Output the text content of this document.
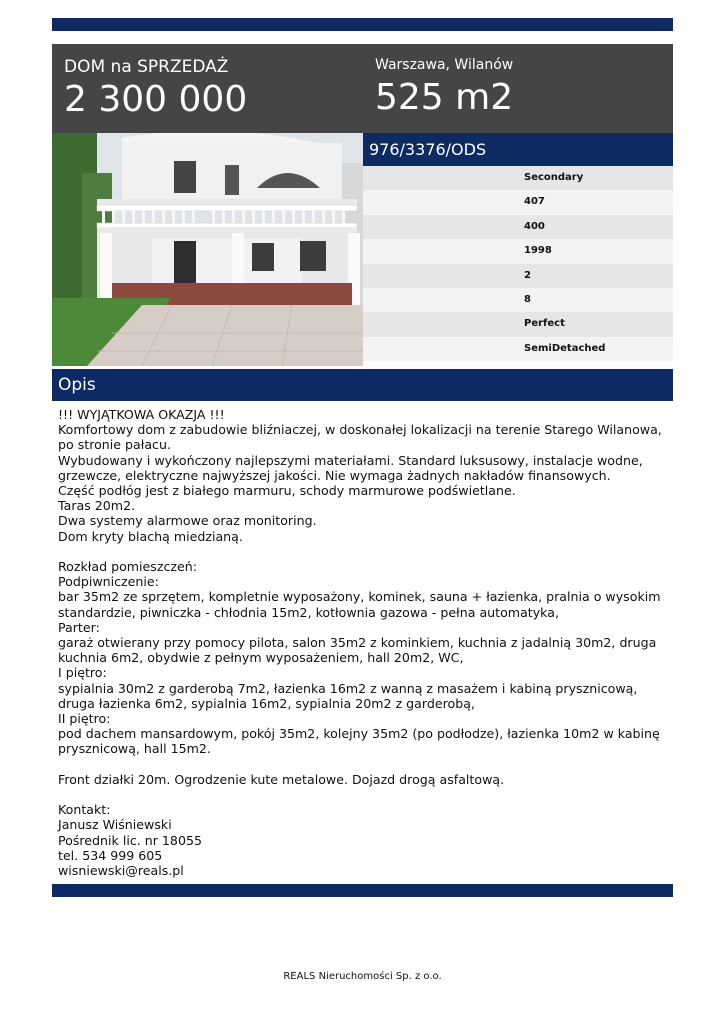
DOM na SPRZEDAŻ
2 300 000
Warszawa, Wilanów
525 m2
976/3376/ODS
Secondary
407
400
1998
2
8
Perfect
SemiDetached
Opis
!!! WYJĄTKOWA OKAZJA !!!
Komfortowy dom z zabudowie bliźniaczej, w doskonałej lokalizacji na terenie Starego Wilanowa, po stronie pałacu.
Wybudowany i wykończony najlepszymi materiałami. Standard luksusowy, instalacje wodne, grzewcze, elektryczne najwyższej jakości. Nie wymaga żadnych nakładów finansowych.
Część podłóg jest z białego marmuru, schody marmurowe podświetlane.
Taras 20m2.
Dwa systemy alarmowe oraz monitoring.
Dom kryty blachą miedzianą.

Rozkład pomieszczeń:
Podpiwniczenie:
bar 35m2 ze sprzętem, kompletnie wyposażony, kominek, sauna + łazienka, pralnia o wysokim standardzie, piwniczka - chłodnia 15m2, kotłownia gazowa - pełna automatyka,
Parter:
garaż otwierany przy pomocy pilota, salon 35m2 z kominkiem, kuchnia z jadalnią 30m2, druga kuchnia 6m2, obydwie z pełnym wyposażeniem, hall 20m2, WC,
I piętro:
sypialnia 30m2 z garderobą 7m2, łazienka 16m2 z wanną z masażem i kabiną prysznicową, druga łazienka 6m2, sypialnia 16m2, sypialnia 20m2 z garderobą,
II piętro:
pod dachem mansardowym, pokój 35m2, kolejny 35m2 (po podłodze), łazienka 10m2 w kabinę prysznicową, hall 15m2.

Front działki 20m. Ogrodzenie kute metalowe. Dojazd drogą asfaltową.

Kontakt:
Janusz Wiśniewski
Pośrednik lic. nr 18055
tel. 534 999 605
wisniewski@reals.pl
REALS Nieruchomości Sp. z o.o.
